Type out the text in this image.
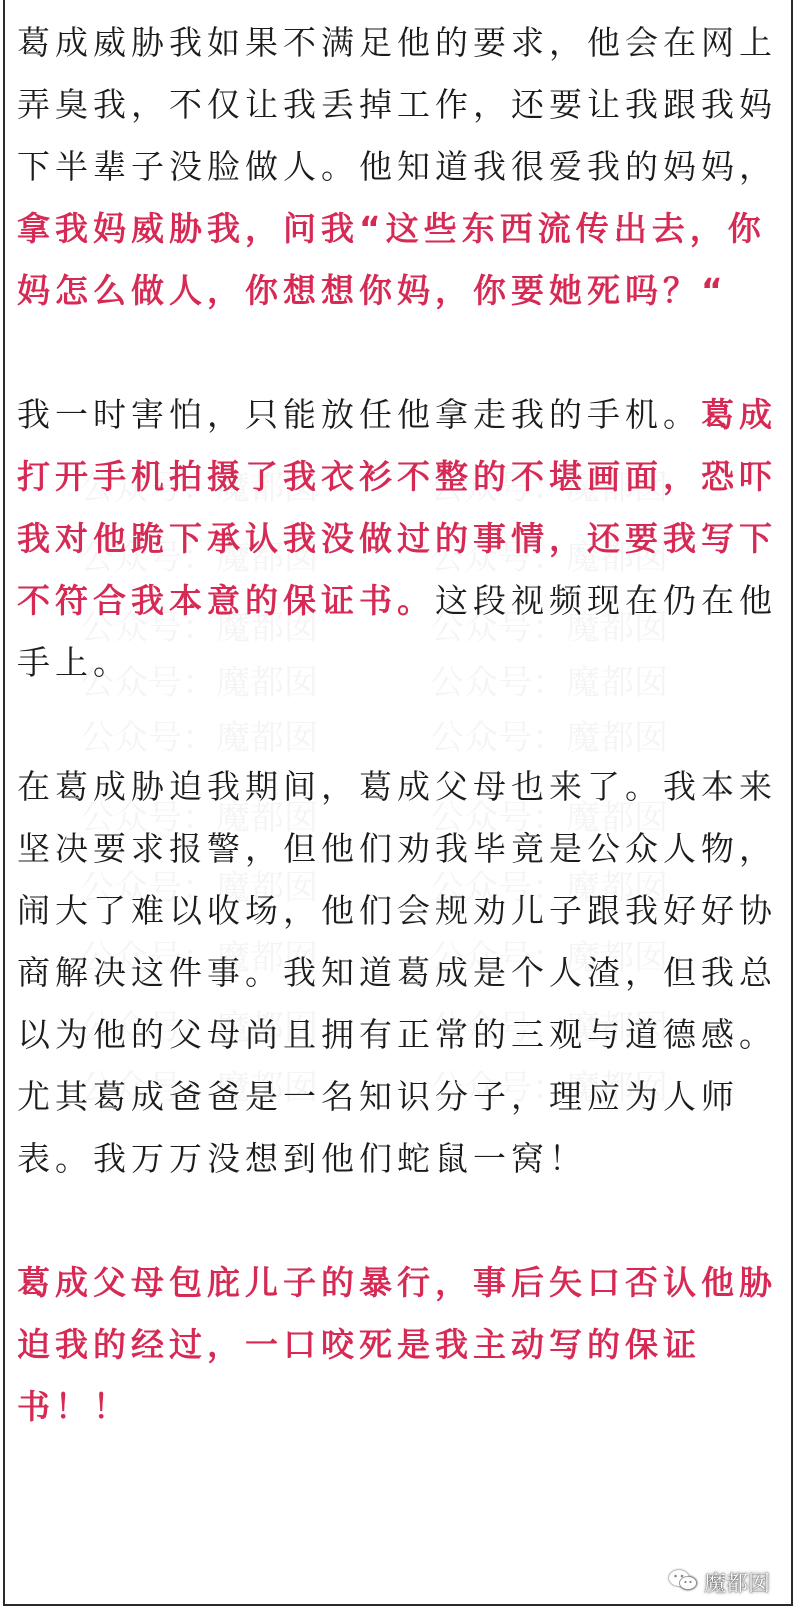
葛成威胁我如果不满足他的要求，他会在网上弄臭我，不仅让我丢掉工作，还要让我跟我妈下半辈子没脸做人。他知道我很爱我的妈妈，拿我妈威胁我，问我“这些东西流传出去，你妈怎么做人，你想想你妈，你要她死吗？“

我一时害怕，只能放任他拿走我的手机。葛成打开手机拍摄了我衣衫不整的不堪画面，恐吓我对他跪下承认我没做过的事情，还要我写下不符合我本意的保证书。这段视频现在仍在他手上。

在葛成胁迫我期间，葛成父母也来了。我本来坚决要求报警，但他们劝我毕竟是公众人物，闹大了难以收场，他们会规劝儿子跟我好好协商解决这件事。我知道葛成是个人渣，但我总以为他的父母尚且拥有正常的三观与道德感。尤其葛成爸爸是一名知识分子，理应为人师表。我万万没想到他们蛇鼠一窝！

葛成父母包庇儿子的暴行，事后矢口否认他胁迫我的经过，一口咬死是我主动写的保证书！！

魔都囡
